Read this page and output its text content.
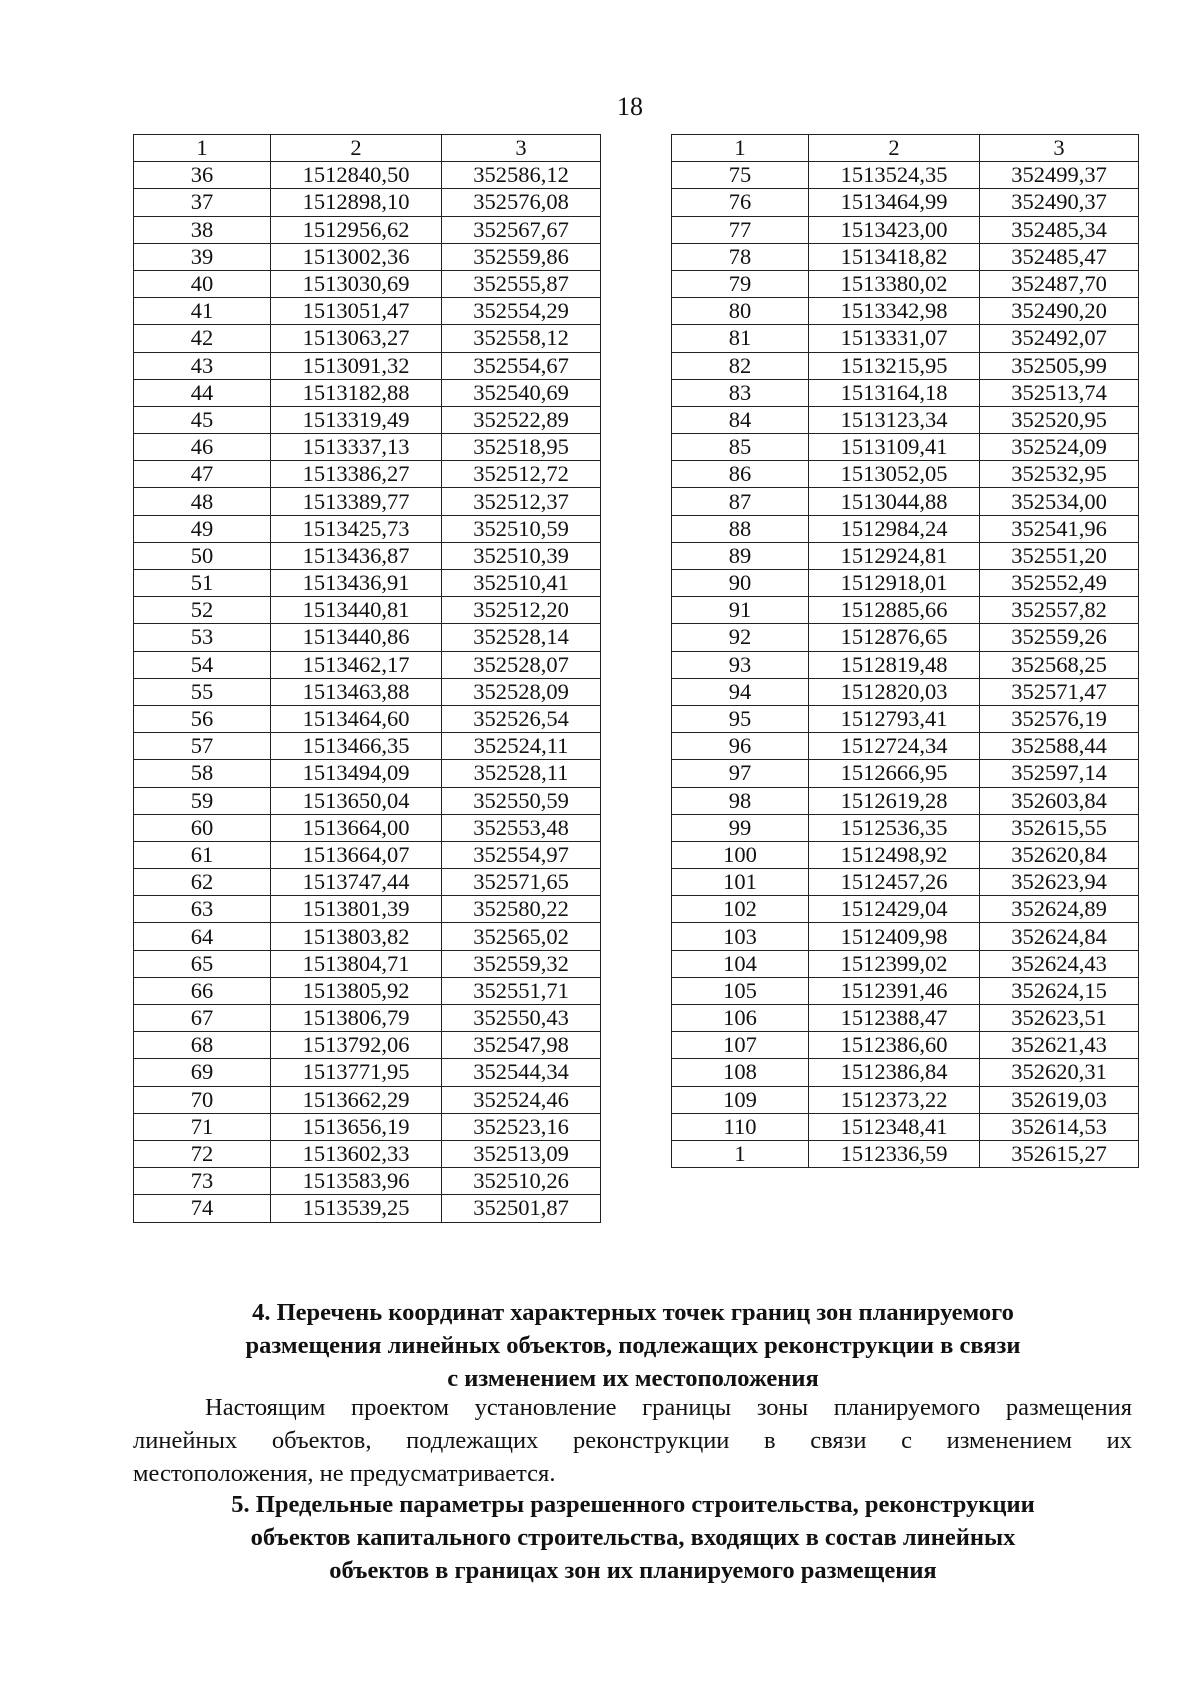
18
1	2	3
36	1512840,50	352586,12
37	1512898,10	352576,08
38	1512956,62	352567,67
39	1513002,36	352559,86
40	1513030,69	352555,87
41	1513051,47	352554,29
42	1513063,27	352558,12
43	1513091,32	352554,67
44	1513182,88	352540,69
45	1513319,49	352522,89
46	1513337,13	352518,95
47	1513386,27	352512,72
48	1513389,77	352512,37
49	1513425,73	352510,59
50	1513436,87	352510,39
51	1513436,91	352510,41
52	1513440,81	352512,20
53	1513440,86	352528,14
54	1513462,17	352528,07
55	1513463,88	352528,09
56	1513464,60	352526,54
57	1513466,35	352524,11
58	1513494,09	352528,11
59	1513650,04	352550,59
60	1513664,00	352553,48
61	1513664,07	352554,97
62	1513747,44	352571,65
63	1513801,39	352580,22
64	1513803,82	352565,02
65	1513804,71	352559,32
66	1513805,92	352551,71
67	1513806,79	352550,43
68	1513792,06	352547,98
69	1513771,95	352544,34
70	1513662,29	352524,46
71	1513656,19	352523,16
72	1513602,33	352513,09
73	1513583,96	352510,26
74	1513539,25	352501,87
1	2	3
75	1513524,35	352499,37
76	1513464,99	352490,37
77	1513423,00	352485,34
78	1513418,82	352485,47
79	1513380,02	352487,70
80	1513342,98	352490,20
81	1513331,07	352492,07
82	1513215,95	352505,99
83	1513164,18	352513,74
84	1513123,34	352520,95
85	1513109,41	352524,09
86	1513052,05	352532,95
87	1513044,88	352534,00
88	1512984,24	352541,96
89	1512924,81	352551,20
90	1512918,01	352552,49
91	1512885,66	352557,82
92	1512876,65	352559,26
93	1512819,48	352568,25
94	1512820,03	352571,47
95	1512793,41	352576,19
96	1512724,34	352588,44
97	1512666,95	352597,14
98	1512619,28	352603,84
99	1512536,35	352615,55
100	1512498,92	352620,84
101	1512457,26	352623,94
102	1512429,04	352624,89
103	1512409,98	352624,84
104	1512399,02	352624,43
105	1512391,46	352624,15
106	1512388,47	352623,51
107	1512386,60	352621,43
108	1512386,84	352620,31
109	1512373,22	352619,03
110	1512348,41	352614,53
1	1512336,59	352615,27
4. Перечень координат характерных точек границ зон планируемого
размещения линейных объектов, подлежащих реконструкции в связи
с изменением их местоположения
Настоящим проектом установление границы зоны планируемого размещения
линейных объектов, подлежащих реконструкции в связи с изменением их
местоположения, не предусматривается.
5. Предельные параметры разрешенного строительства, реконструкции
объектов капитального строительства, входящих в состав линейных
объектов в границах зон их планируемого размещения
